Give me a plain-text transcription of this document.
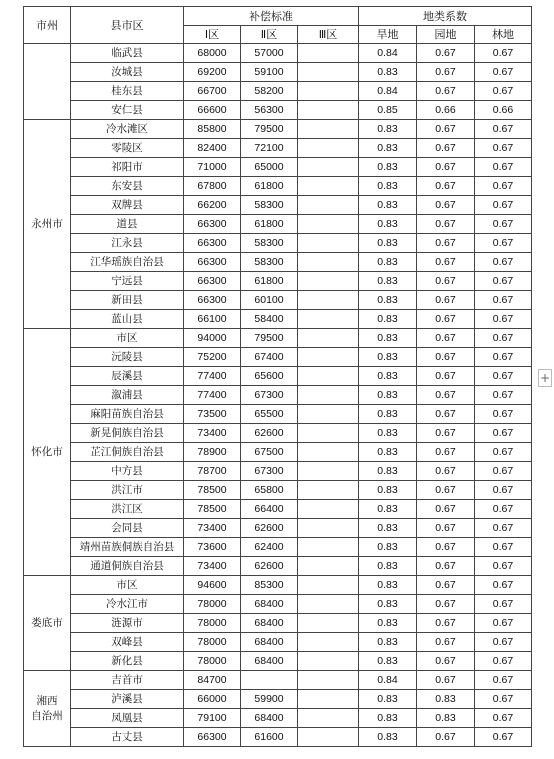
市州	县市区	补偿标准			地类系数		
		Ⅰ区	Ⅱ区	Ⅲ区	旱地	园地	林地
	临武县	68000	57000		0.84	0.67	0.67
	汝城县	69200	59100		0.83	0.67	0.67
	桂东县	66700	58200		0.84	0.67	0.67
	安仁县	66600	56300		0.85	0.66	0.66
永州市	冷水滩区	85800	79500		0.83	0.67	0.67
	零陵区	82400	72100		0.83	0.67	0.67
	祁阳市	71000	65000		0.83	0.67	0.67
	东安县	67800	61800		0.83	0.67	0.67
	双牌县	66200	58300		0.83	0.67	0.67
	道县	66300	61800		0.83	0.67	0.67
	江永县	66300	58300		0.83	0.67	0.67
	江华瑶族自治县	66300	58300		0.83	0.67	0.67
	宁远县	66300	61800		0.83	0.67	0.67
	新田县	66300	60100		0.83	0.67	0.67
	蓝山县	66100	58400		0.83	0.67	0.67
怀化市	市区	94000	79500		0.83	0.67	0.67
	沅陵县	75200	67400		0.83	0.67	0.67
	辰溪县	77400	65600		0.83	0.67	0.67
	溆浦县	77400	67300		0.83	0.67	0.67
	麻阳苗族自治县	73500	65500		0.83	0.67	0.67
	新晃侗族自治县	73400	62600		0.83	0.67	0.67
	芷江侗族自治县	78900	67500		0.83	0.67	0.67
	中方县	78700	67300		0.83	0.67	0.67
	洪江市	78500	65800		0.83	0.67	0.67
	洪江区	78500	66400		0.83	0.67	0.67
	会同县	73400	62600		0.83	0.67	0.67
	靖州苗族侗族自治县	73600	62400		0.83	0.67	0.67
	通道侗族自治县	73400	62600		0.83	0.67	0.67
娄底市	市区	94600	85300		0.83	0.67	0.67
	冷水江市	78000	68400		0.83	0.67	0.67
	涟源市	78000	68400		0.83	0.67	0.67
	双峰县	78000	68400		0.83	0.67	0.67
	新化县	78000	68400		0.83	0.67	0.67

湘西
自治州	吉首市	84700			0.84	0.67	0.67
	泸溪县	66000	59900		0.83	0.83	0.67
	凤凰县	79100	68400		0.83	0.83	0.67
	古丈县	66300	61600		0.83	0.67	0.67
+
